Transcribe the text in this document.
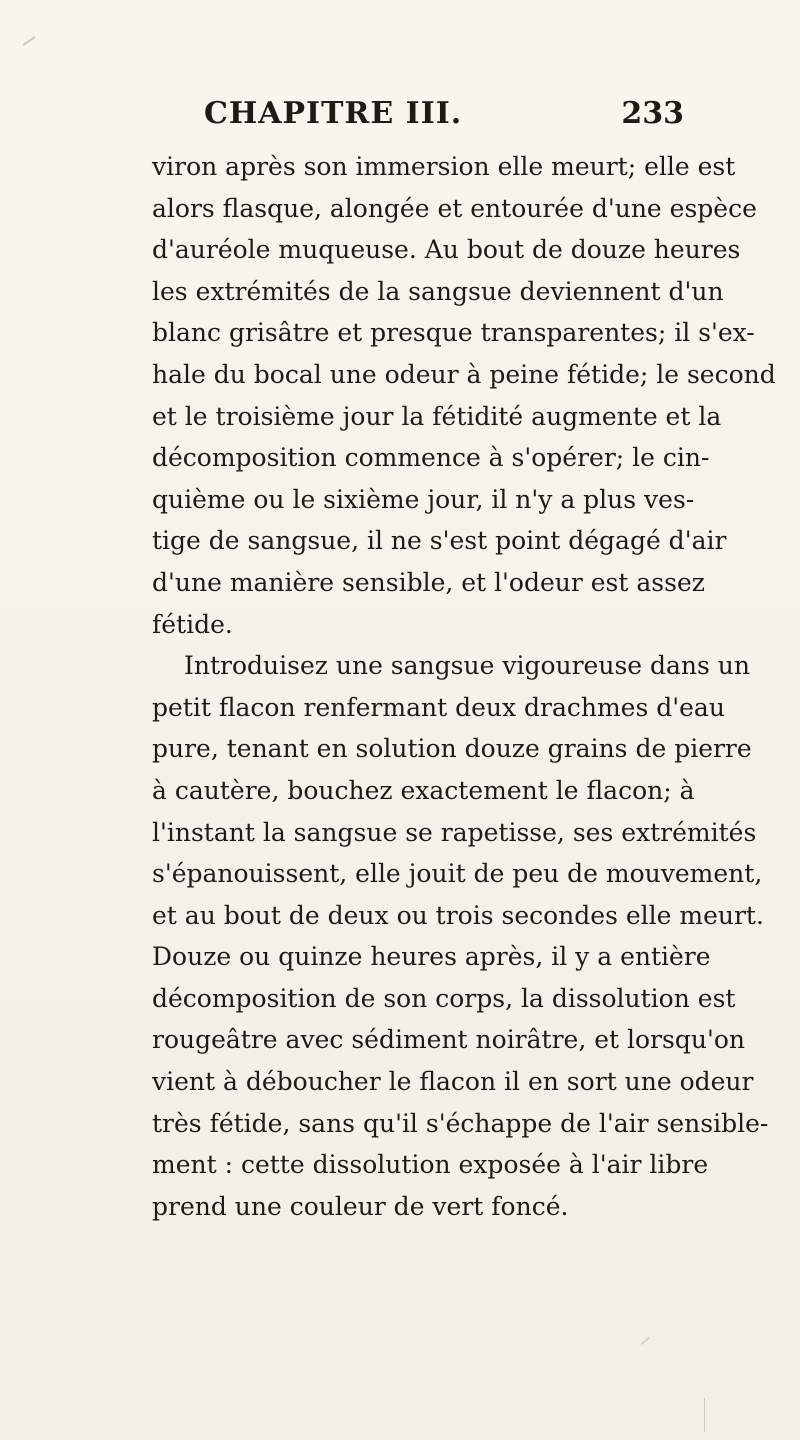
CHAPITRE III.	233
viron après son immersion elle meurt; elle est
alors flasque, alongée et entourée d'une espèce
d'auréole muqueuse. Au bout de douze heures
les extrémités de la sangsue deviennent d'un
blanc grisâtre et presque transparentes; il s'ex-
hale du bocal une odeur à peine fétide; le second
et le troisième jour la fétidité augmente et la
décomposition commence à s'opérer; le cin-
quième ou le sixième jour, il n'y a plus ves-
tige de sangsue, il ne s'est point dégagé d'air
d'une manière sensible, et l'odeur est assez
fétide.
Introduisez une sangsue vigoureuse dans un
petit flacon renfermant deux drachmes d'eau
pure, tenant en solution douze grains de pierre
à cautère, bouchez exactement le flacon; à
l'instant la sangsue se rapetisse, ses extrémités
s'épanouissent, elle jouit de peu de mouvement,
et au bout de deux ou trois secondes elle meurt.
Douze ou quinze heures après, il y a entière
décomposition de son corps, la dissolution est
rougeâtre avec sédiment noirâtre, et lorsqu'on
vient à déboucher le flacon il en sort une odeur
très fétide, sans qu'il s'échappe de l'air sensible-
ment : cette dissolution exposée à l'air libre
prend une couleur de vert foncé.
